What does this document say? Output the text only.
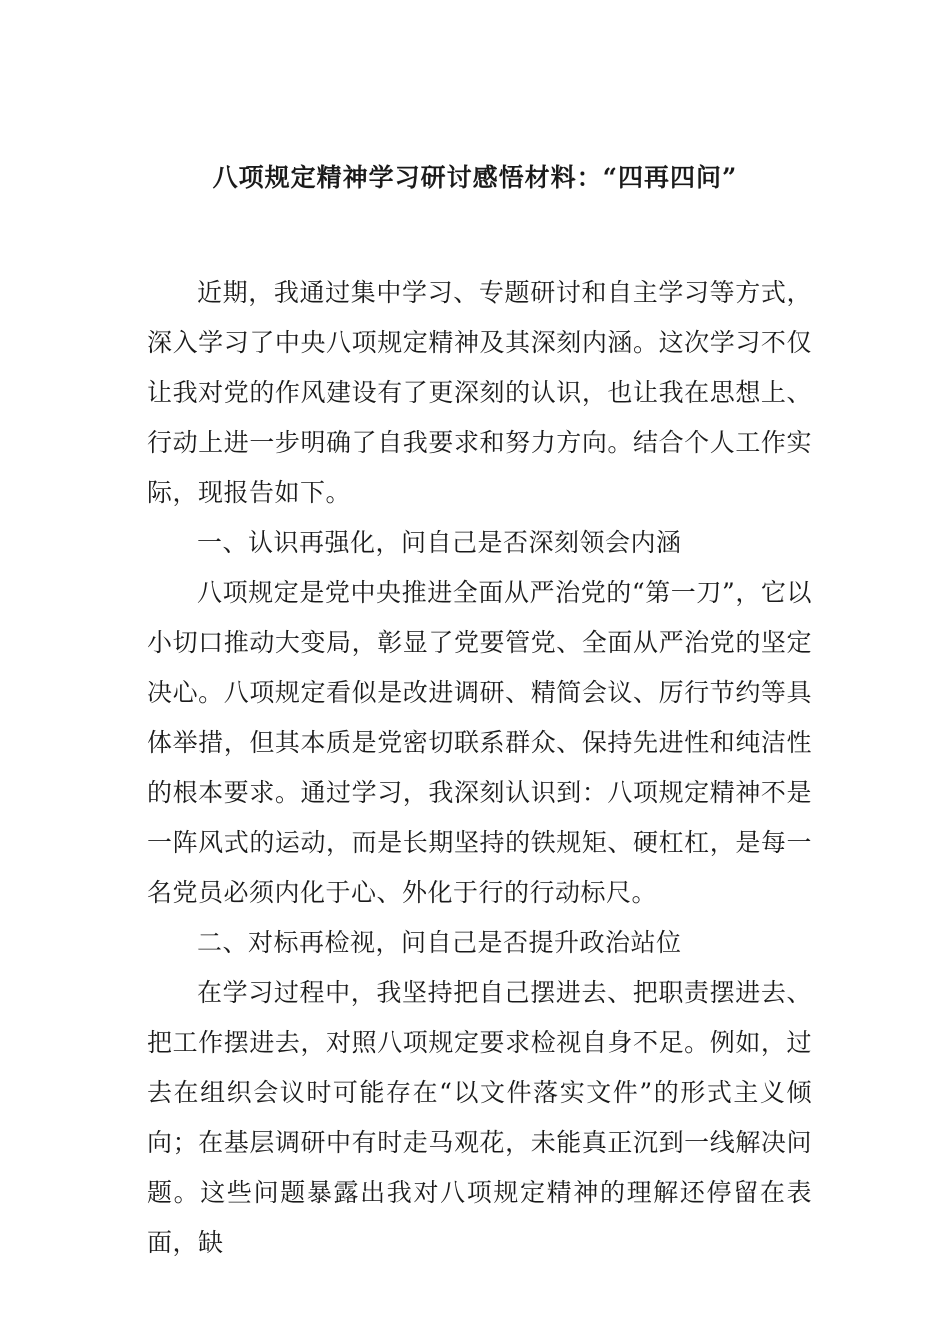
八项规定精神学习研讨感悟材料：“四再四问”

近期，我通过集中学习、专题研讨和自主学习等方式，深入学习了中央八项规定精神及其深刻内涵。这次学习不仅让我对党的作风建设有了更深刻的认识，也让我在思想上、行动上进一步明确了自我要求和努力方向。结合个人工作实际，现报告如下。

一、认识再强化，问自己是否深刻领会内涵

八项规定是党中央推进全面从严治党的“第一刀”，它以小切口推动大变局，彰显了党要管党、全面从严治党的坚定决心。八项规定看似是改进调研、精简会议、厉行节约等具体举措，但其本质是党密切联系群众、保持先进性和纯洁性的根本要求。通过学习，我深刻认识到：八项规定精神不是一阵风式的运动，而是长期坚持的铁规矩、硬杠杠，是每一名党员必须内化于心、外化于行的行动标尺。

二、对标再检视，问自己是否提升政治站位

在学习过程中，我坚持把自己摆进去、把职责摆进去、把工作摆进去，对照八项规定要求检视自身不足。例如，过去在组织会议时可能存在“以文件落实文件”的形式主义倾向；在基层调研中有时走马观花，未能真正沉到一线解决问题。这些问题暴露出我对八项规定精神的理解还停留在表面，缺
